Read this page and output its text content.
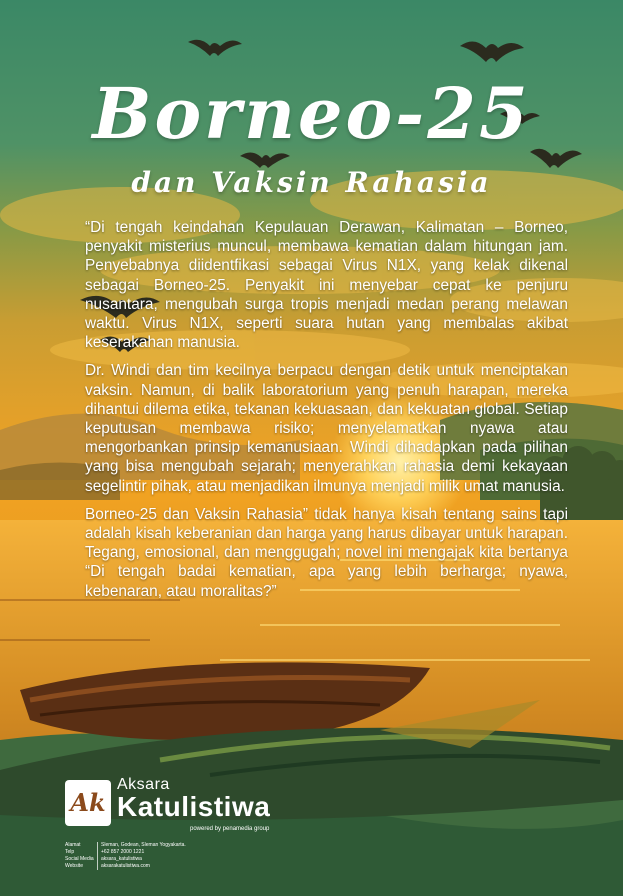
Borneo-25
dan Vaksin Rahasia

“Di tengah keindahan Kepulauan Derawan, Kalimatan – Borneo, penyakit misterius muncul, membawa kematian dalam hitungan jam. Penyebabnya diidentfikasi sebagai Virus N1X, yang kelak dikenal sebagai Borneo-25. Penyakit ini menyebar cepat ke penjuru nusantara, mengubah surga tropis menjadi medan perang melawan waktu. Virus N1X, seperti suara hutan yang membalas akibat keserakahan manusia.

Dr. Windi dan tim kecilnya berpacu dengan detik untuk menciptakan vaksin. Namun, di balik laboratorium yang penuh harapan, mereka dihantui dilema etika, tekanan kekuasaan, dan kekuatan global. Setiap keputusan membawa risiko; menyelamatkan nyawa atau mengorbankan prinsip kemanusiaan. Windi dihadapkan pada pilihan yang bisa mengubah sejarah; menyerahkan rahasia demi kekayaan segelintir pihak, atau menjadikan ilmunya menjadi milik umat manusia.

Borneo-25 dan Vaksin Rahasia” tidak hanya kisah tentang sains tapi adalah kisah keberanian dan harga yang harus dibayar untuk harapan. Tegang, emosional, dan menggugah; novel ini mengajak kita bertanya “Di tengah badai kematian, apa yang lebih berharga; nyawa, kebenaran, atau moralitas?”

Ak
Aksara
Katulistiwa
powered by penamedia group
Alamat	Sleman, Godean, Sleman Yogyakarta.
Telp	+62 857 2000 1221
Social Media	aksara_katulistiwa
Website	aksarakatulistiwa.com
